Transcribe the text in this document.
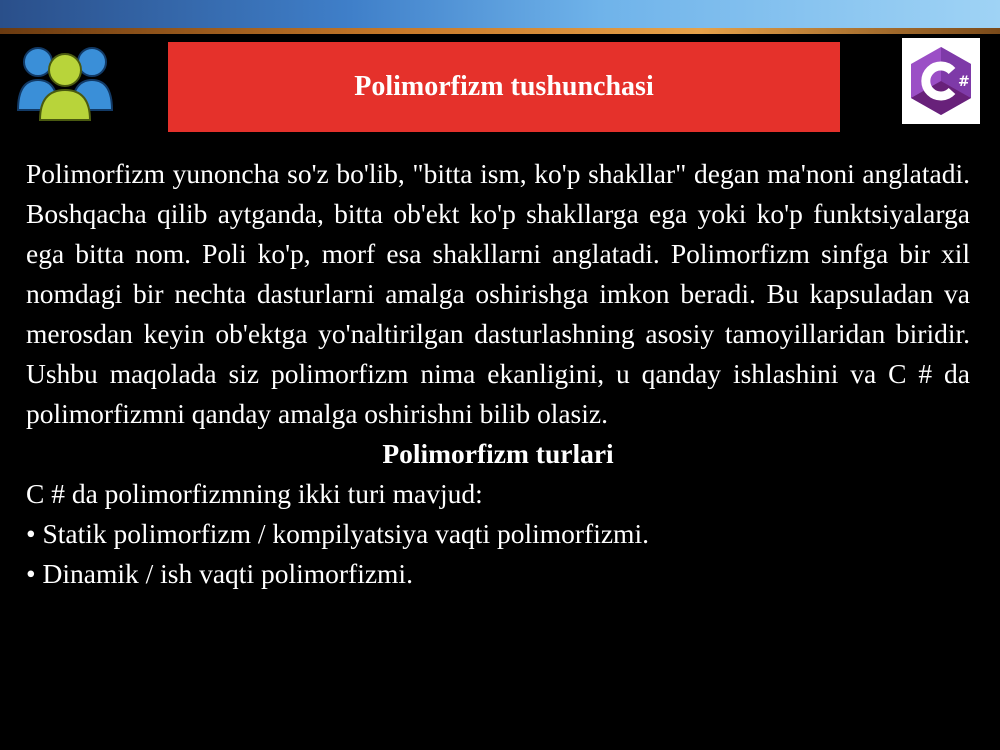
Polimorfizm tushunchasi	#

Polimorfizm yunoncha so'z bo'lib, "bitta ism, ko'p shakllar" degan ma'noni anglatadi. Boshqacha qilib aytganda, bitta ob'ekt ko'p shakllarga ega yoki ko'p funktsiyalarga ega bitta nom. Poli ko'p, morf esa shakllarni anglatadi. Polimorfizm sinfga bir xil nomdagi bir nechta dasturlarni amalga oshirishga imkon beradi. Bu kapsuladan va merosdan keyin ob'ektga yo'naltirilgan dasturlashning asosiy tamoyillaridan biridir. Ushbu maqolada siz polimorfizm nima ekanligini, u qanday ishlashini va C # da polimorfizmni qanday amalga oshirishni bilib olasiz.

Polimorfizm turlari

C # da polimorfizmning ikki turi mavjud:

• Statik polimorfizm / kompilyatsiya vaqti polimorfizmi.

• Dinamik / ish vaqti polimorfizmi.
